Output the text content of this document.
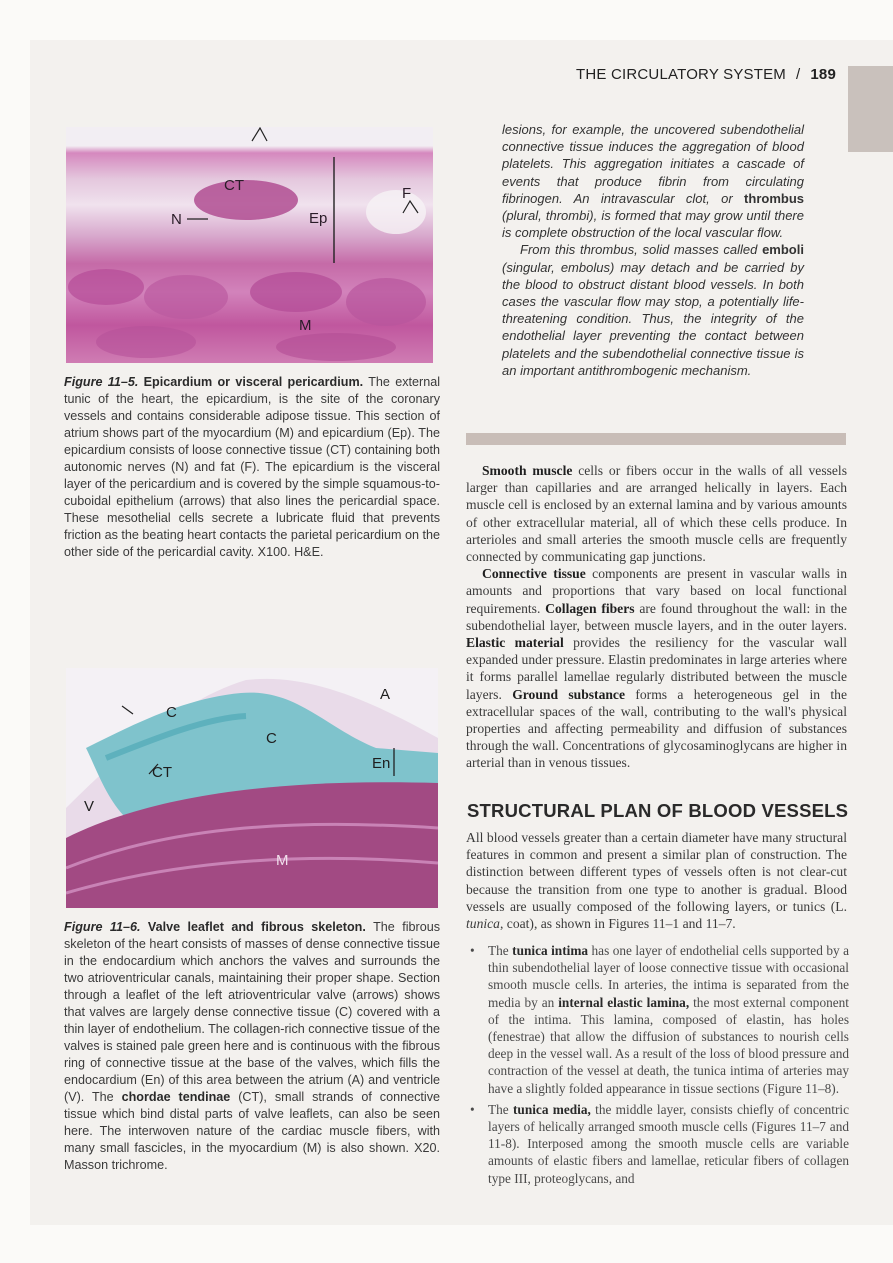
THE CIRCULATORY SYSTEM / 189
CT
N	Ep
F
M
Figure 11–5. Epicardium or visceral pericardium. The external tunic of the heart, the epicardium, is the site of the coronary vessels and contains considerable adipose tissue. This section of atrium shows part of the myocardium (M) and epicardium (Ep). The epicardium consists of loose connective tissue (CT) containing both autonomic nerves (N) and fat (F). The epicardium is the visceral layer of the pericardium and is covered by the simple squamous-to-cuboidal epithelium (arrows) that also lines the pericardial space. These mesothelial cells secrete a lubricate fluid that prevents friction as the beating heart contacts the parietal pericardium on the other side of the pericardial cavity. X100. H&E.
A
C
C
CT
En
V
M
Figure 11–6. Valve leaflet and fibrous skeleton. The fibrous skeleton of the heart consists of masses of dense connective tissue in the endocardium which anchors the valves and surrounds the two atrioventricular canals, maintaining their proper shape. Section through a leaflet of the left atrioventricular valve (arrows) shows that valves are largely dense connective tissue (C) covered with a thin layer of endothelium. The collagen-rich connective tissue of the valves is stained pale green here and is continuous with the fibrous ring of connective tissue at the base of the valves, which fills the endocardium (En) of this area between the atrium (A) and ventricle (V). The chordae tendinae (CT), small strands of connective tissue which bind distal parts of valve leaflets, can also be seen here. The interwoven nature of the cardiac muscle fibers, with many small fascicles, in the myocardium (M) is also shown. X20. Masson trichrome.

lesions, for example, the uncovered subendothelial connective tissue induces the aggregation of blood platelets. This aggregation initiates a cascade of events that produce fibrin from circulating fibrinogen. An intravascular clot, or thrombus (plural, thrombi), is formed that may grow until there is complete obstruction of the local vascular flow.

From this thrombus, solid masses called emboli (singular, embolus) may detach and be carried by the blood to obstruct distant blood vessels. In both cases the vascular flow may stop, a potentially life-threatening condition. Thus, the integrity of the endothelial layer preventing the contact between platelets and the subendothelial connective tissue is an important antithrombogenic mechanism.

Smooth muscle cells or fibers occur in the walls of all vessels larger than capillaries and are arranged helically in layers. Each muscle cell is enclosed by an external lamina and by various amounts of other extracellular material, all of which these cells produce. In arterioles and small arteries the smooth muscle cells are frequently connected by communicating gap junctions.

Connective tissue components are present in vascular walls in amounts and proportions that vary based on local functional requirements. Collagen fibers are found throughout the wall: in the subendothelial layer, between muscle layers, and in the outer layers. Elastic material provides the resiliency for the vascular wall expanded under pressure. Elastin predominates in large arteries where it forms parallel lamellae regularly distributed between the muscle layers. Ground substance forms a heterogeneous gel in the extracellular spaces of the wall, contributing to the wall's physical properties and affecting permeability and diffusion of substances through the wall. Concentrations of glycosaminoglycans are higher in arterial than in venous tissues.

STRUCTURAL PLAN OF BLOOD VESSELS

All blood vessels greater than a certain diameter have many structural features in common and present a similar plan of construction. The distinction between different types of vessels often is not clear-cut because the transition from one type to another is gradual. Blood vessels are usually composed of the following layers, or tunics (L. tunica, coat), as shown in Figures 11–1 and 11–7.

• The tunica intima has one layer of endothelial cells supported by a thin subendothelial layer of loose connective tissue with occasional smooth muscle cells. In arteries, the intima is separated from the media by an internal elastic lamina, the most external component of the intima. This lamina, composed of elastin, has holes (fenestrae) that allow the diffusion of substances to nourish cells deep in the vessel wall. As a result of the loss of blood pressure and contraction of the vessel at death, the tunica intima of arteries may have a slightly folded appearance in tissue sections (Figure 11–8).
• The tunica media, the middle layer, consists chiefly of concentric layers of helically arranged smooth muscle cells (Figures 11–7 and 11-8). Interposed among the smooth muscle cells are variable amounts of elastic fibers and lamellae, reticular fibers of collagen type III, proteoglycans, and
